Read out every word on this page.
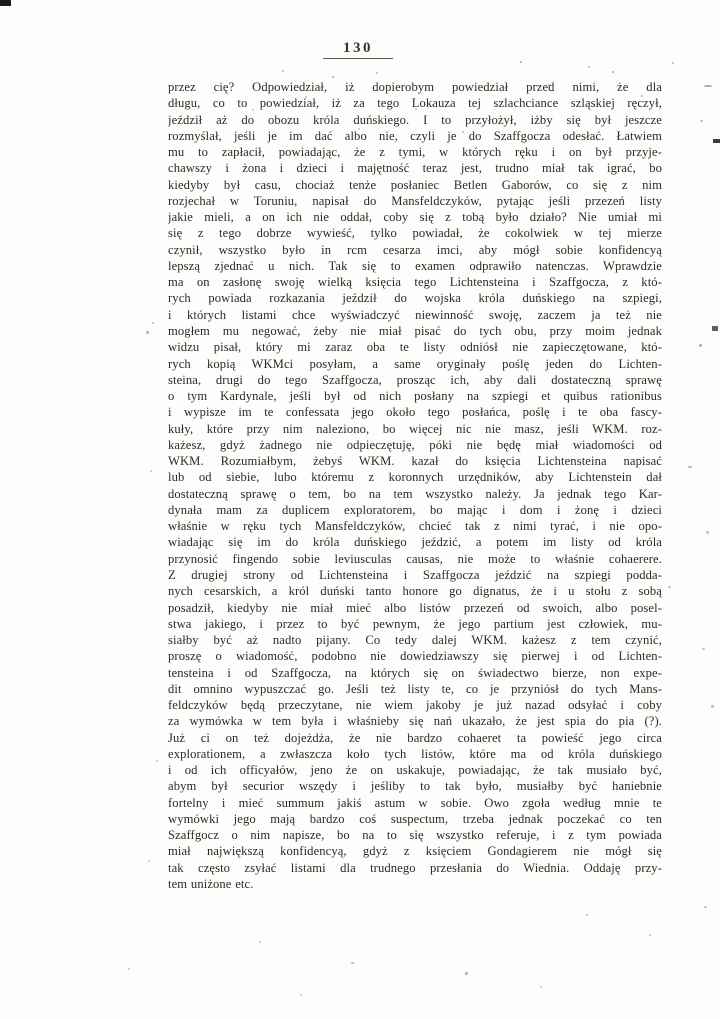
130
przez cię? Odpowiedział, iż dopierobym powiedział przed nimi, że dla
długu, co to powiedział, iż za tego Lokauza tej szlachciance szląskiej ręczył,
jeździł aż do obozu króla duńskiego. I to przyłożył, iżby się był jeszcze
rozmyślał, jeśli je im dać albo nie, czyli je do Szaffgocza odesłać. Łatwiem
mu to zapłacił, powiadając, że z tymi, w których ręku i on był przyje-
chawszy i żona i dzieci i majętność teraz jest, trudno miał tak igrać, bo
kiedyby był casu, chociaż tenże posłaniec Betlen Gaborów, co się z nim
rozjechał w Toruniu, napisał do Mansfeldczyków, pytając jeśli przezeń listy
jakie mieli, a on ich nie oddał, coby się z tobą było działo? Nie umiał mi
się z tego dobrze wywieść, tylko powiadał, że cokolwiek w tej mierze
czynił, wszystko było in rcm cesarza imci, aby mógł sobie konfidencyą
lepszą zjednać u nich. Tak się to examen odprawiło natenczas. Wprawdzie
ma on zasłonę swoję wielką księcia tego Lichtensteina i Szaffgocza, z któ-
rych powiada rozkazania jeździł do wojska króla duńskiego na szpiegi,
i których listami chce wyświadczyć niewinność swoję, zaczem ja też nie
mogłem mu negować, żeby nie miał pisać do tych obu, przy moim jednak
widzu pisał, który mi zaraz oba te listy odniósł nie zapieczętowane, któ-
rych kopią WKMci posyłam, a same oryginały poślę jeden do Lichten-
steina, drugi do tego Szaffgocza, prosząc ich, aby dali dostateczną sprawę
o tym Kardynale, jeśli był od nich posłany na szpiegi et quibus rationibus
i wypisze im te confessata jego około tego posłańca, poślę i te oba fascy-
kuły, które przy nim naleziono, bo więcej nic nie masz, jeśli WKM. roz-
każesz, gdyż żadnego nie odpieczętuję, póki nie będę miał wiadomości od
WKM. Rozumiałbym, żebyś WKM. kazał do księcia Lichtensteina napisać
lub od siebie, lubo któremu z koronnych urzędników, aby Lichtenstein dał
dostateczną sprawę o tem, bo na tem wszystko należy. Ja jednak tego Kar-
dynała mam za duplicem exploratorem, bo mając i dom i żonę i dzieci
właśnie w ręku tych Mansfeldczyków, chcieć tak z nimi tyrać, i nie opo-
wiadając się im do króla duńskiego jeździć, a potem im listy od króla
przynosić fingendo sobie leviusculas causas, nie może to właśnie cohaerere.
Z drugiej strony od Lichtensteina i Szaffgocza jeździć na szpiegi podda-
nych cesarskich, a król duński tanto honore go dignatus, że i u stołu z sobą
posadził, kiedyby nie miał mieć albo listów przezeń od swoich, albo posel-
stwa jakiego, i przez to być pewnym, że jego partium jest człowiek, mu-
siałby być aż nadto pijany. Co tedy dalej WKM. każesz z tem czynić,
proszę o wiadomość, podobno nie dowiedziawszy się pierwej i od Lichten-
tensteina i od Szaffgocza, na których się on świadectwo bierze, non expe-
dit omnino wypuszczać go. Jeśli też listy te, co je przyniósł do tych Mans-
feldczyków będą przeczytane, nie wiem jakoby je już nazad odsyłać i coby
za wymówka w tem była i właśnieby się nań ukazało, że jest spia do pia (?).
Już ci on też dojeżdża, że nie bardzo cohaeret ta powieść jego circa
explorationem, a zwłaszcza koło tych listów, które ma od króla duńskiego
i od ich officyałów, jeno że on uskakuje, powiadając, że tak musiało być,
abym był securior wszędy i jeśliby to tak było, musiałby być haniebnie
fortelny i mieć summum jakiś astum w sobie. Owo zgoła według mnie te
wymówki jego mają bardzo coś suspectum, trzeba jednak poczekać co ten
Szaffgocz o nim napisze, bo na to się wszystko referuje, i z tym powiada
miał największą konfidencyą, gdyż z księciem Gondagierem nie mógł się
tak często zsyłać listami dla trudnego przesłania do Wiednia. Oddaję przy-
tem uniżone etc.
